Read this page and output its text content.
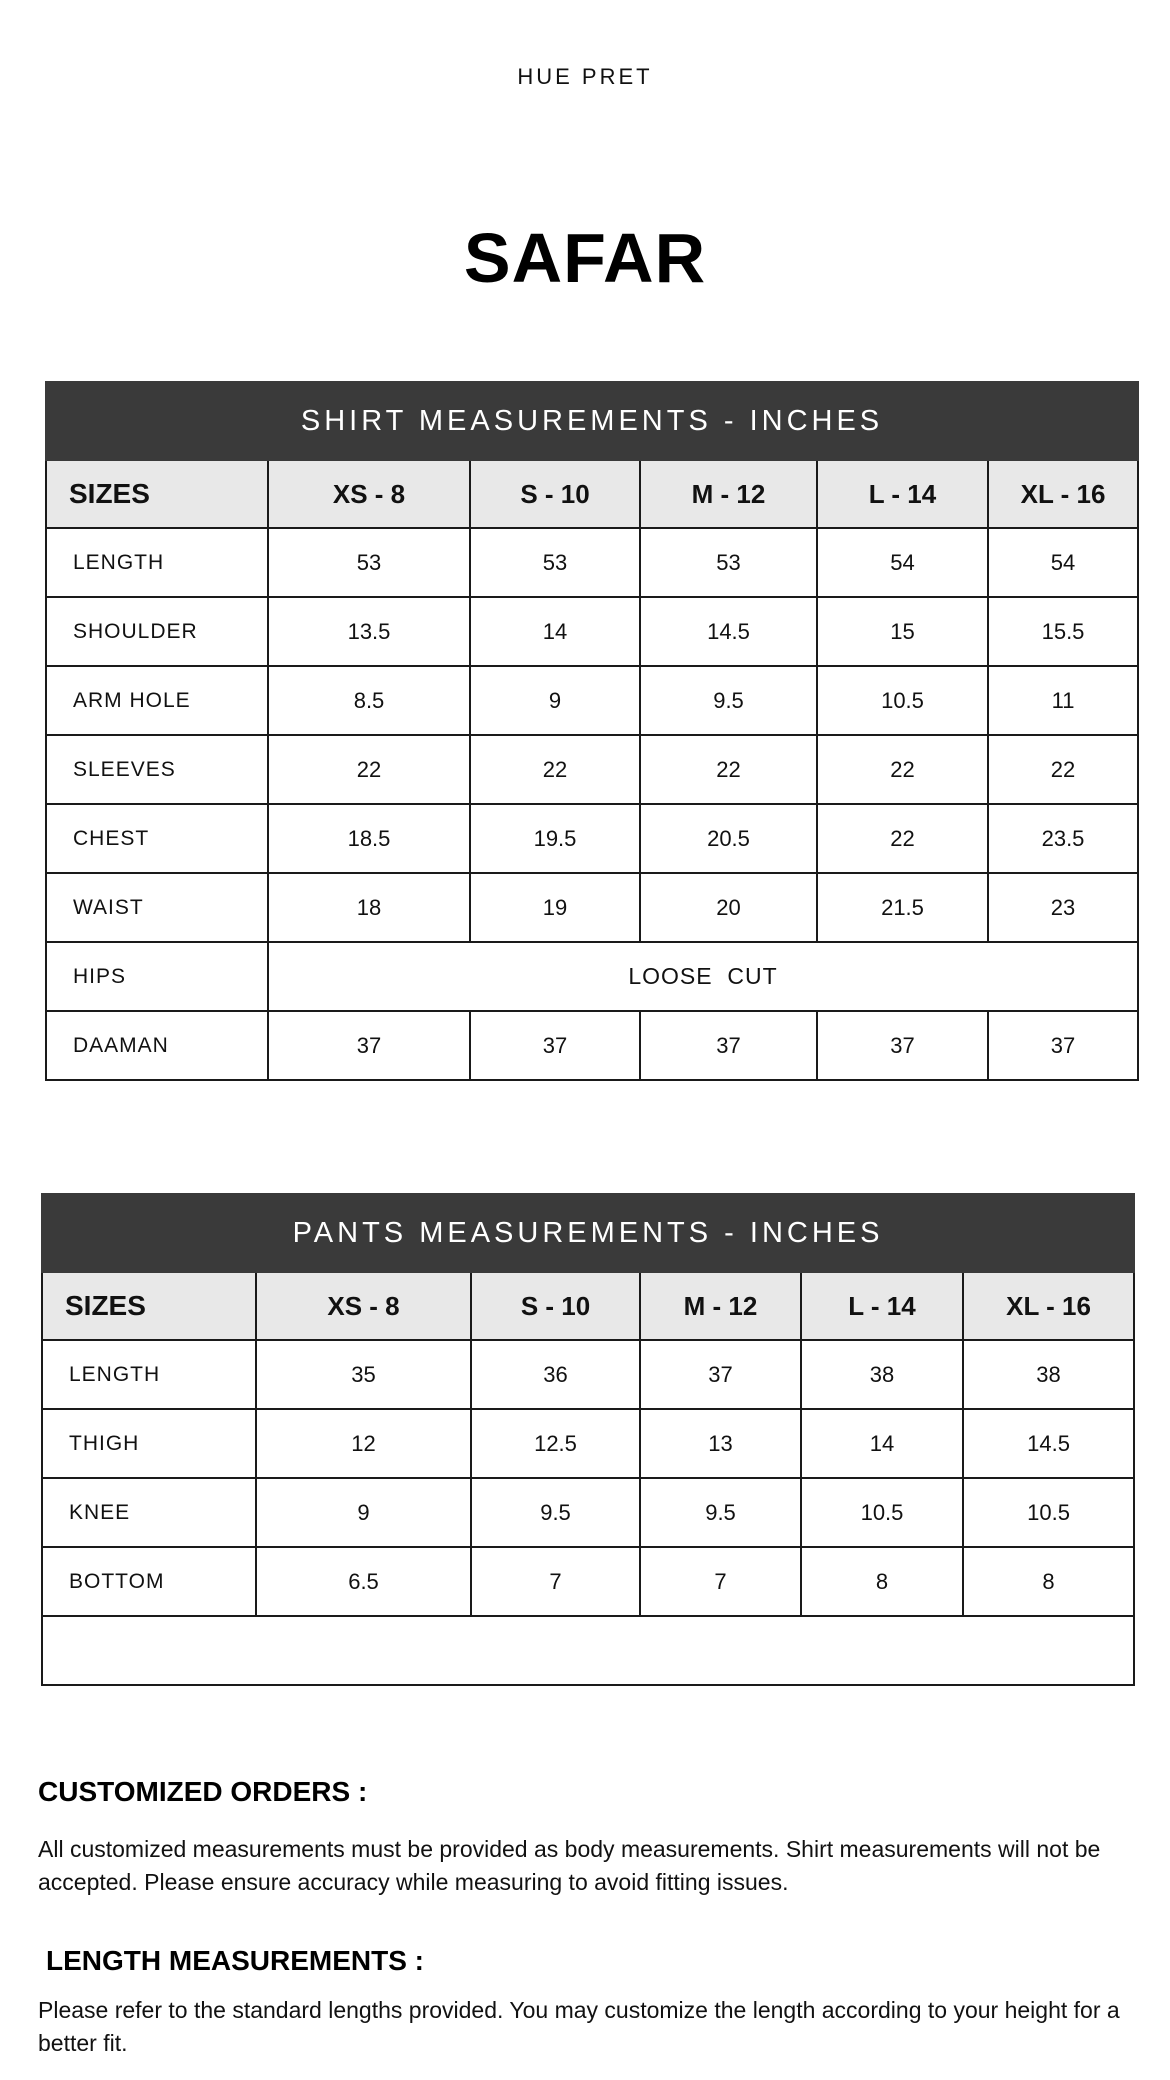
HUE PRET
SAFAR
SHIRT MEASUREMENTS - INCHES					
SIZES	XS - 8	S - 10	M - 12	L - 14	XL - 16
LENGTH	53	53	53	54	54
SHOULDER	13.5	14	14.5	15	15.5
ARM HOLE	8.5	9	9.5	10.5	11
SLEEVES	22	22	22	22	22
CHEST	18.5	19.5	20.5	22	23.5
WAIST	18	19	20	21.5	23
HIPS	LOOSE  CUT				
DAAMAN	37	37	37	37	37
PANTS MEASUREMENTS - INCHES					
SIZES	XS - 8	S - 10	M - 12	L - 14	XL - 16
LENGTH	35	36	37	38	38
THIGH	12	12.5	13	14	14.5
KNEE	9	9.5	9.5	10.5	10.5
BOTTOM	6.5	7	7	8	8

CUSTOMIZED ORDERS :

All customized measurements must be provided as body measurements. Shirt measurements will not be accepted. Please ensure accuracy while measuring to avoid fitting issues.

LENGTH MEASUREMENTS :

Please refer to the standard lengths provided. You may customize the length according to your height for a better fit.
